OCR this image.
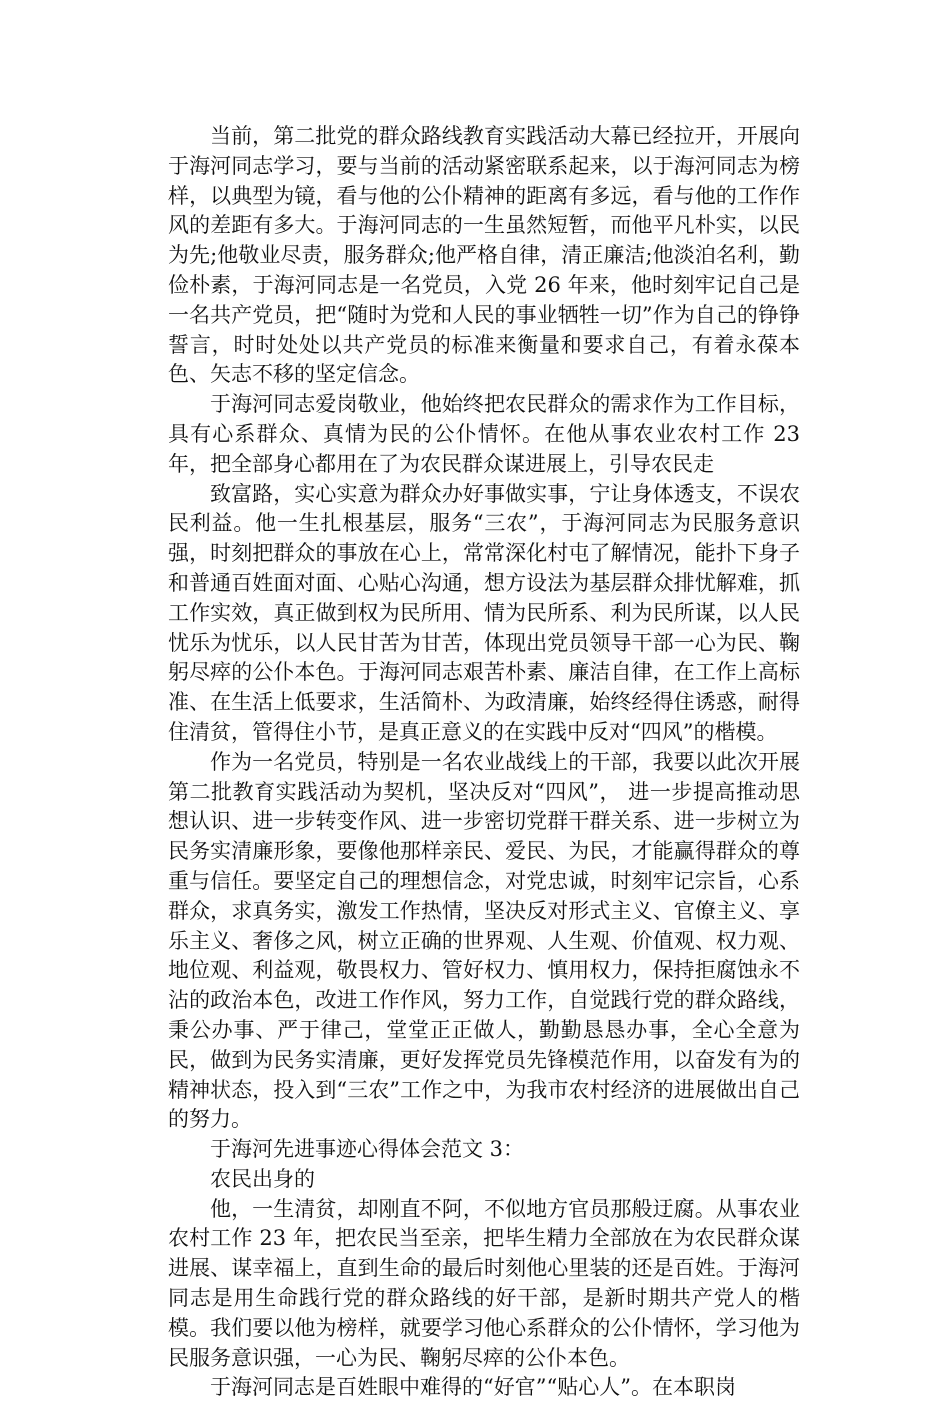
当前，第二批党的群众路线教育实践活动大幕已经拉开，开展向于海河同志学习，要与当前的活动紧密联系起来，以于海河同志为榜样，以典型为镜，看与他的公仆精神的距离有多远，看与他的工作作风的差距有多大。于海河同志的一生虽然短暂，而他平凡朴实，以民为先;他敬业尽责，服务群众;他严格自律，清正廉洁;他淡泊名利，勤俭朴素，于海河同志是一名党员，入党 26 年来，他时刻牢记自己是一名共产党员，把“随时为党和人民的事业牺牲一切”作为自己的铮铮誓言，时时处处以共产党员的标准来衡量和要求自己，有着永葆本色、矢志不移的坚定信念。

于海河同志爱岗敬业，他始终把农民群众的需求作为工作目标，具有心系群众、真情为民的公仆情怀。在他从事农业农村工作 23 年，把全部身心都用在了为农民群众谋进展上，引导农民走

致富路，实心实意为群众办好事做实事，宁让身体透支，不误农民利益。他一生扎根基层，服务“三农”，于海河同志为民服务意识强，时刻把群众的事放在心上，常常深化村屯了解情况，能扑下身子和普通百姓面对面、心贴心沟通，想方设法为基层群众排忧解难，抓工作实效，真正做到权为民所用、情为民所系、利为民所谋，以人民忧乐为忧乐，以人民甘苦为甘苦，体现出党员领导干部一心为民、鞠躬尽瘁的公仆本色。于海河同志艰苦朴素、廉洁自律，在工作上高标准、在生活上低要求，生活简朴、为政清廉，始终经得住诱惑，耐得住清贫，管得住小节，是真正意义的在实践中反对“四风”的楷模。

作为一名党员，特别是一名农业战线上的干部，我要以此次开展第二批教育实践活动为契机，坚决反对“四风”， 进一步提高推动思想认识、进一步转变作风、进一步密切党群干群关系、进一步树立为民务实清廉形象，要像他那样亲民、爱民、为民，才能赢得群众的尊重与信任。要坚定自己的理想信念，对党忠诚，时刻牢记宗旨，心系群众，求真务实，激发工作热情，坚决反对形式主义、官僚主义、享乐主义、奢侈之风，树立正确的世界观、人生观、价值观、权力观、地位观、利益观，敬畏权力、管好权力、慎用权力，保持拒腐蚀永不沾的政治本色，改进工作作风，努力工作，自觉践行党的群众路线，秉公办事、严于律己，堂堂正正做人，勤勤恳恳办事，全心全意为民，做到为民务实清廉，更好发挥党员先锋模范作用，以奋发有为的精神状态，投入到“三农”工作之中，为我市农村经济的进展做出自己的努力。

于海河先进事迹心得体会范文 3：

农民出身的

他，一生清贫，却刚直不阿，不似地方官员那般迂腐。从事农业农村工作 23 年，把农民当至亲，把毕生精力全部放在为农民群众谋进展、谋幸福上，直到生命的最后时刻他心里装的还是百姓。于海河同志是用生命践行党的群众路线的好干部，是新时期共产党人的楷模。我们要以他为榜样，就要学习他心系群众的公仆情怀，学习他为民服务意识强，一心为民、鞠躬尽瘁的公仆本色。

于海河同志是百姓眼中难得的“好官”“贴心人”。在本职岗
